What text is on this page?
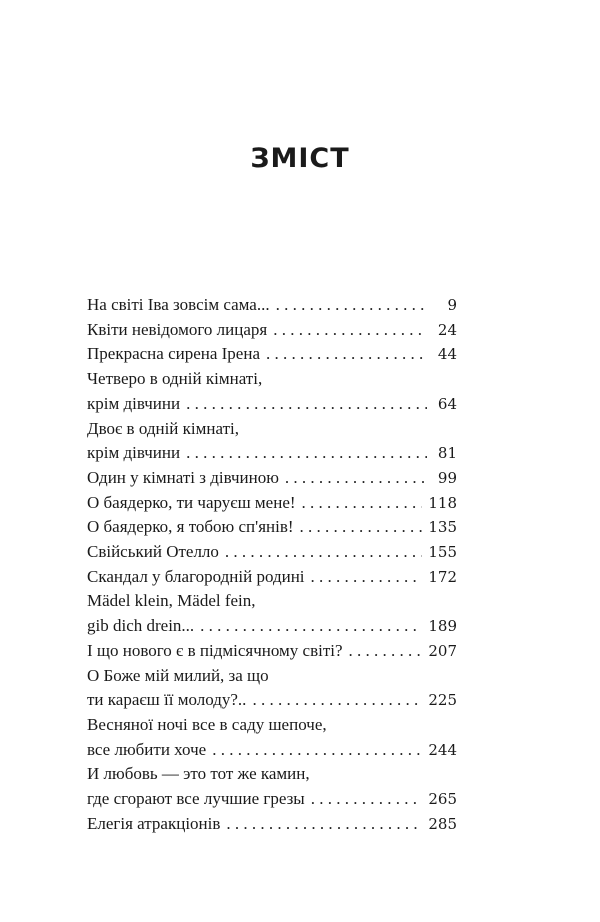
ЗМІСТ
На світі Іва зовсім сама... . . .	9
Квіти невідомого лицаря . . .	24
Прекрасна сирена Ірена . . .	44
Четверо в одній кімнаті,
крім дівчини . . .	64
Двоє в одній кімнаті,
крім дівчини . . .	81
Один у кімнаті з дівчиною . . .	99
О баядерко, ти чаруєш мене! . . .	118
О баядерко, я тобою сп'янів! . . .	135
Свійський Отелло . . .	155
Скандал у благородній родині . . .	172
Mädel klein, Mädel fein,
gib dich drein... . . .	189
І що нового є в підмісячному світі? . . .	207
О Боже мій милий, за що
ти караєш її молоду?.. . . .	225
Весняної ночі все в саду шепоче,
все любити хоче . . .	244
И любовь — это тот же камин,
где сгорают все лучшие грезы . . .	265
Елегія атракціонів . . .	285
